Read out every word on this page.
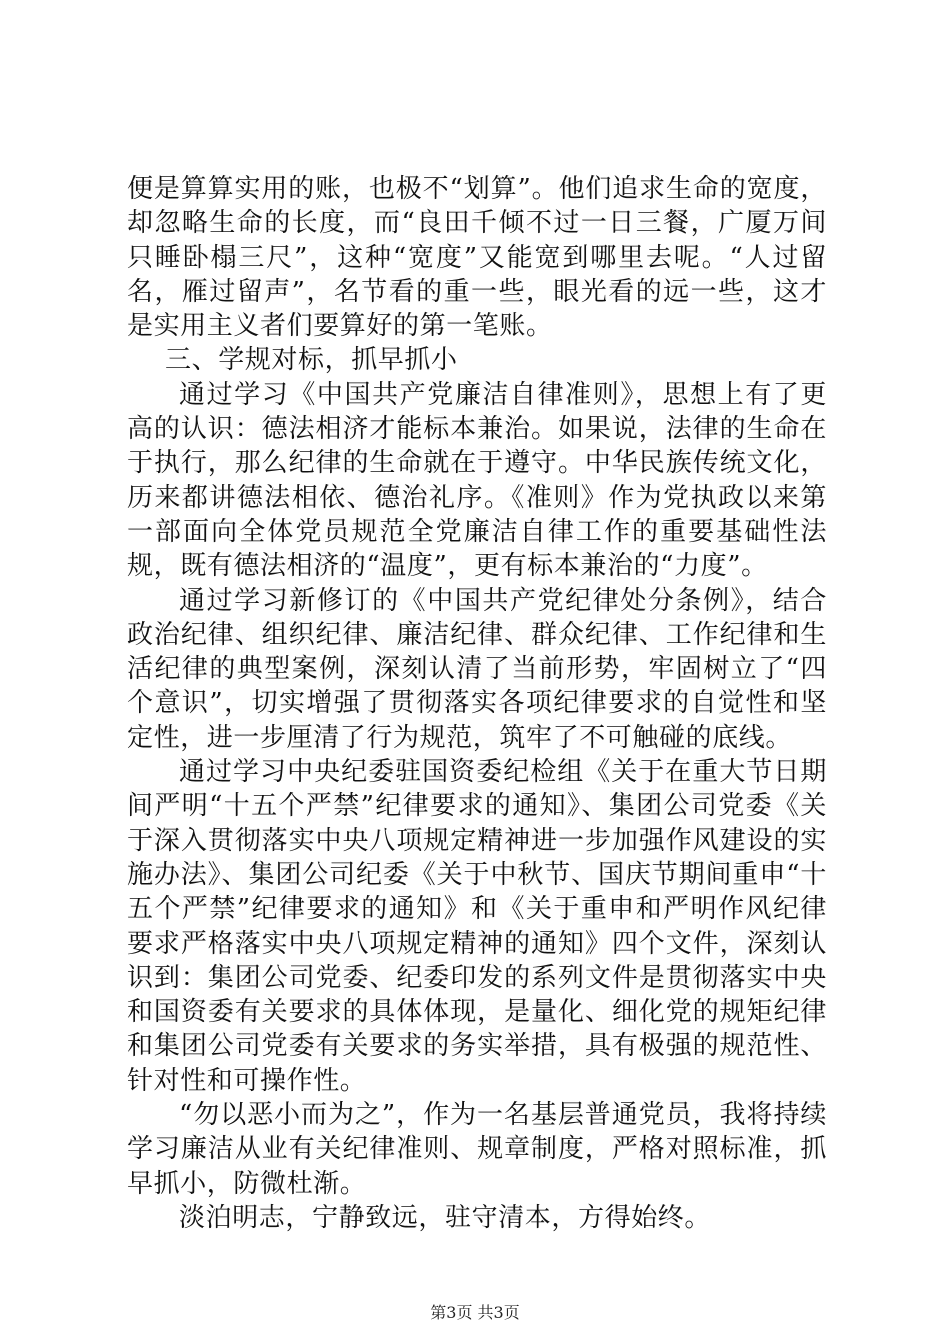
便是算算实用的账，也极不“划算”。他们追求生命的宽度，却忽略生命的长度，而“良田千倾不过一日三餐，广厦万间只睡卧榻三尺”，这种“宽度”又能宽到哪里去呢。“人过留名，雁过留声”，名节看的重一些，眼光看的远一些，这才是实用主义者们要算好的第一笔账。

三、学规对标，抓早抓小

通过学习《中国共产党廉洁自律准则》，思想上有了更高的认识：德法相济才能标本兼治。如果说，法律的生命在于执行，那么纪律的生命就在于遵守。中华民族传统文化，历来都讲德法相依、德治礼序。《准则》作为党执政以来第一部面向全体党员规范全党廉洁自律工作的重要基础性法规，既有德法相济的“温度”，更有标本兼治的“力度”。

通过学习新修订的《中国共产党纪律处分条例》，结合政治纪律、组织纪律、廉洁纪律、群众纪律、工作纪律和生活纪律的典型案例，深刻认清了当前形势，牢固树立了“四个意识”，切实增强了贯彻落实各项纪律要求的自觉性和坚定性，进一步厘清了行为规范，筑牢了不可触碰的底线。

通过学习中央纪委驻国资委纪检组《关于在重大节日期间严明“十五个严禁”纪律要求的通知》、集团公司党委《关于深入贯彻落实中央八项规定精神进一步加强作风建设的实施办法》、集团公司纪委《关于中秋节、国庆节期间重申“十五个严禁”纪律要求的通知》和《关于重申和严明作风纪律要求严格落实中央八项规定精神的通知》四个文件，深刻认识到：集团公司党委、纪委印发的系列文件是贯彻落实中央和国资委有关要求的具体体现，是量化、细化党的规矩纪律和集团公司党委有关要求的务实举措，具有极强的规范性、针对性和可操作性。

“勿以恶小而为之”，作为一名基层普通党员，我将持续学习廉洁从业有关纪律准则、规章制度，严格对照标准，抓早抓小，防微杜渐。

淡泊明志，宁静致远，驻守清本，方得始终。

第3页 共3页
